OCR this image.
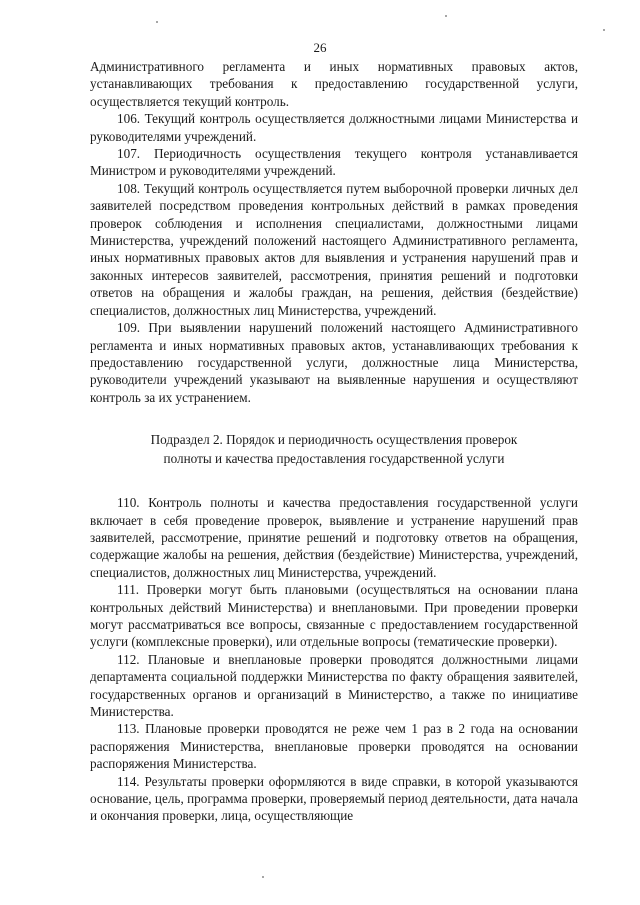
26

Административного регламента и иных нормативных правовых актов, устанавливающих требования к предоставлению государственной услуги, осуществляется текущий контроль.

106. Текущий контроль осуществляется должностными лицами Министерства и руководителями учреждений.

107. Периодичность осуществления текущего контроля устанавливается Министром и руководителями учреждений.

108. Текущий контроль осуществляется путем выборочной проверки личных дел заявителей посредством проведения контрольных действий в рамках проведения проверок соблюдения и исполнения специалистами, должностными лицами Министерства, учреждений положений настоящего Административного регламента, иных нормативных правовых актов для выявления и устранения нарушений прав и законных интересов заявителей, рассмотрения, принятия решений и подготовки ответов на обращения и жалобы граждан, на решения, действия (бездействие) специалистов, должностных лиц Министерства, учреждений.

109. При выявлении нарушений положений настоящего Административного регламента и иных нормативных правовых актов, устанавливающих требования к предоставлению государственной услуги, должностные лица Министерства, руководители учреждений указывают на выявленные нарушения и осуществляют контроль за их устранением.

Подраздел 2. Порядок и периодичность осуществления проверок
полноты и качества предоставления государственной услуги

110. Контроль полноты и качества предоставления государственной услуги включает в себя проведение проверок, выявление и устранение нарушений прав заявителей, рассмотрение, принятие решений и подготовку ответов на обращения, содержащие жалобы на решения, действия (бездействие) Министерства, учреждений, специалистов, должностных лиц Министерства, учреждений.

111. Проверки могут быть плановыми (осуществляться на основании плана контрольных действий Министерства) и внеплановыми. При проведении проверки могут рассматриваться все вопросы, связанные с предоставлением государственной услуги (комплексные проверки), или отдельные вопросы (тематические проверки).

112. Плановые и внеплановые проверки проводятся должностными лицами департамента социальной поддержки Министерства по факту обращения заявителей, государственных органов и организаций в Министерство, а также по инициативе Министерства.

113. Плановые проверки проводятся не реже чем 1 раз в 2 года на основании распоряжения Министерства, внеплановые проверки проводятся на основании распоряжения Министерства.

114. Результаты проверки оформляются в виде справки, в которой указываются основание, цель, программа проверки, проверяемый период деятельности, дата начала и окончания проверки, лица, осуществляющие
